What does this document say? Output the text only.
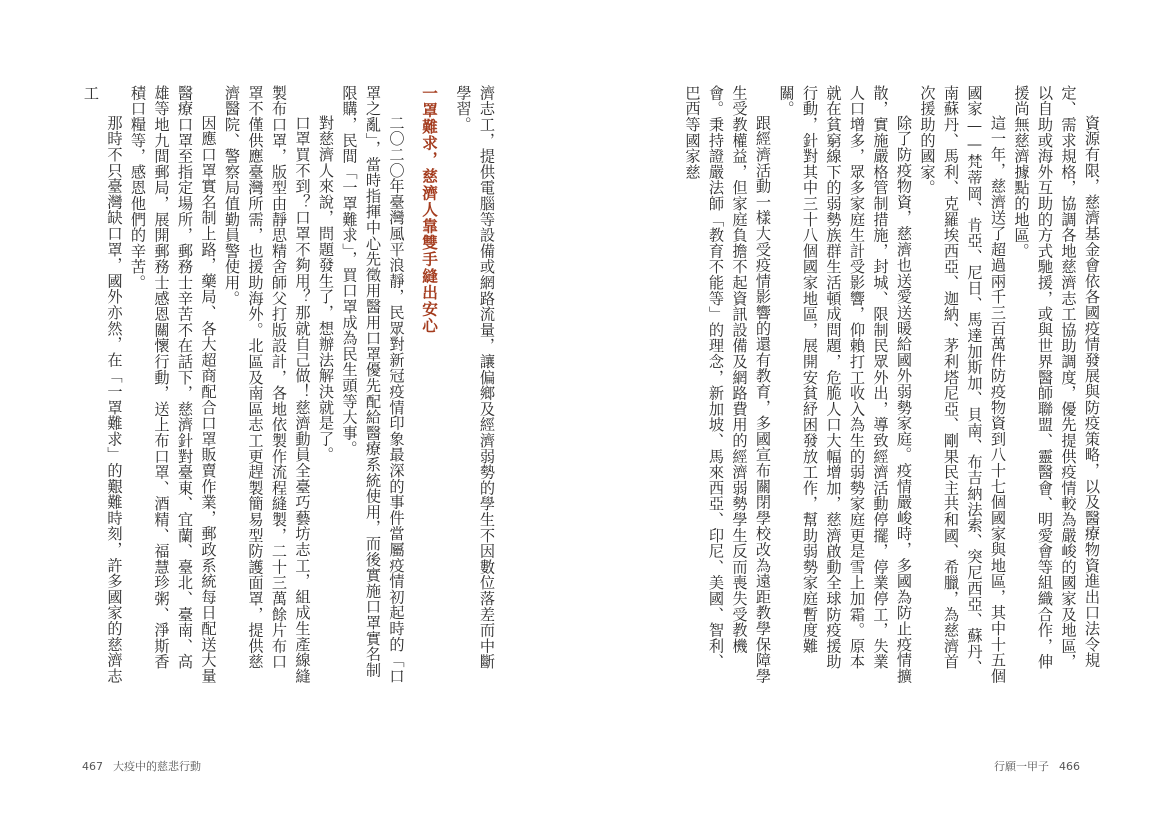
濟志工，提供電腦等設備或網路流量，讓偏鄉及經濟弱勢的學生不因數位落差而中斷學習。

一罩難求，慈濟人靠雙手縫出安心

二〇二〇年臺灣風平浪靜，民眾對新冠疫情印象最深的事件當屬疫情初起時的「口罩之亂」，當時指揮中心先徵用醫用口罩優先配給醫療系統使用，而後實施口罩實名制限購，民間「一罩難求」，買口罩成為民生頭等大事。

對慈濟人來說，問題發生了，想辦法解決就是了。

口罩買不到？口罩不夠用？那就自己做！慈濟動員全臺巧藝坊志工，組成生產線縫製布口罩，版型由靜思精舍師父打版設計，各地依製作流程縫製，二十三萬餘片布口罩不僅供應臺灣所需，也援助海外。北區及南區志工更趕製簡易型防護面罩，提供慈濟醫院、警察局值勤員警使用。

因應口罩實名制上路，藥局、各大超商配合口罩販賣作業，郵政系統每日配送大量醫療口罩至指定場所，郵務士辛苦不在話下，慈濟針對臺東、宜蘭、臺北、臺南、高雄等地九間郵局，展開郵務士感恩關懷行動，送上布口罩、酒精、福慧珍粥、淨斯香積口糧等，感恩他們的辛苦。

那時不只臺灣缺口罩，國外亦然，在「一罩難求」的艱難時刻，許多國家的慈濟志工

467 大疫中的慈悲行動

資源有限，慈濟基金會依各國疫情發展與防疫策略，以及醫療物資進出口法令規定、需求規格，協調各地慈濟志工協助調度，優先提供疫情較為嚴峻的國家及地區，以自助或海外互助的方式馳援，或與世界醫師聯盟、靈醫會、明愛會等組織合作，伸援尚無慈濟據點的地區。

這一年，慈濟送了超過兩千三百萬件防疫物資到八十七個國家與地區，其中十五個國家——梵蒂岡、肯亞、尼日、馬達加斯加、貝南、布吉納法索、突尼西亞、蘇丹、南蘇丹、馬利、克羅埃西亞、迦納、茅利塔尼亞、剛果民主共和國、希臘，為慈濟首次援助的國家。

除了防疫物資，慈濟也送愛送暖給國外弱勢家庭。疫情嚴峻時，多國為防止疫情擴散，實施嚴格管制措施，封城、限制民眾外出，導致經濟活動停擺，停業停工，失業人口增多，眾多家庭生計受影響，仰賴打工收入為生的弱勢家庭更是雪上加霜。原本就在貧窮線下的弱勢族群生活頓成問題，危脆人口大幅增加，慈濟啟動全球防疫援助行動，針對其中三十八個國家地區，展開安貧紓困發放工作，幫助弱勢家庭暫度難關。

跟經濟活動一樣大受疫情影響的還有教育，多國宣布關閉學校改為遠距教學保障學生受教權益，但家庭負擔不起資訊設備及網路費用的經濟弱勢學生反而喪失受教機會。秉持證嚴法師「教育不能等」的理念，新加坡、馬來西亞、印尼、美國、智利、巴西等國家慈

行願一甲子 466
